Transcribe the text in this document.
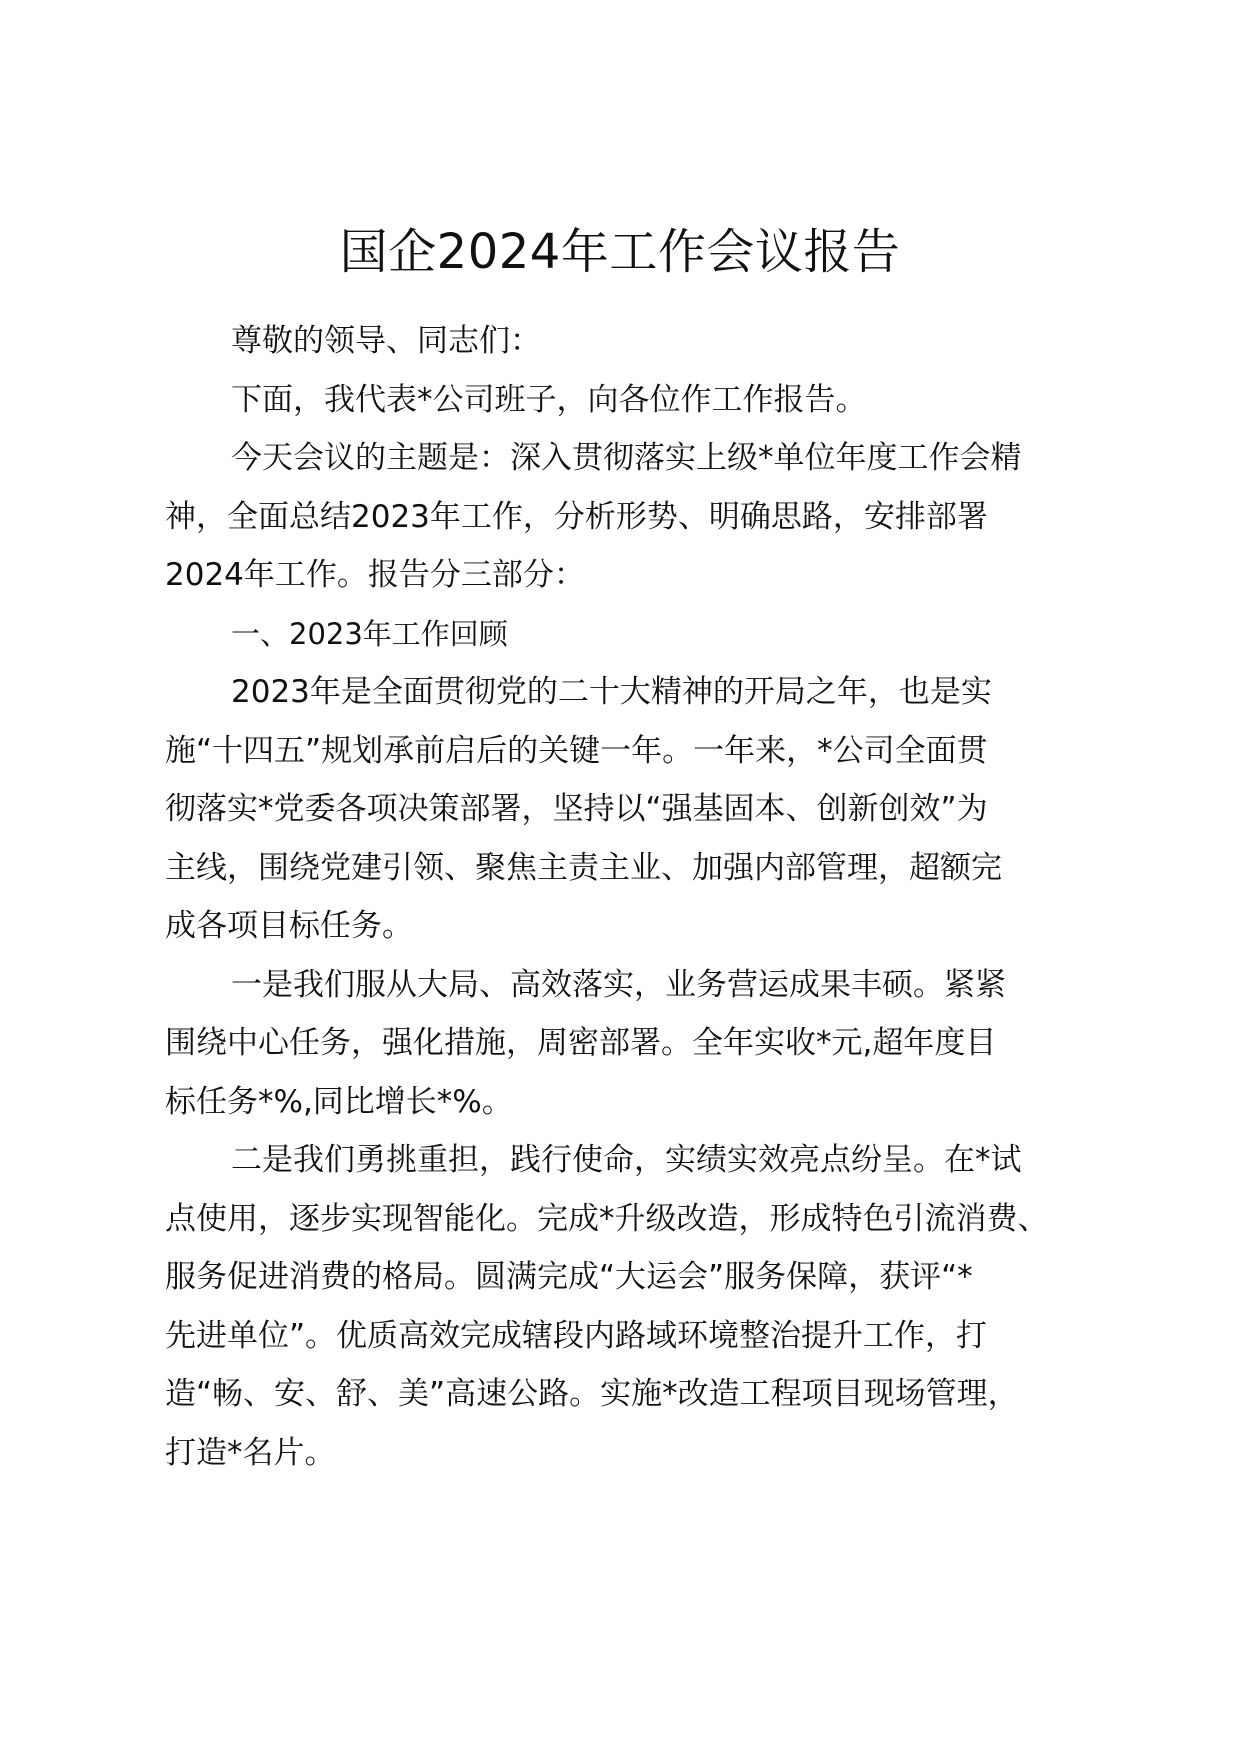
国企2024年工作会议报告

尊敬的领导、同志们：

下面，我代表*公司班子，向各位作工作报告。

今天会议的主题是：深入贯彻落实上级*单位年度工作会精
神，全面总结2023年工作，分析形势、明确思路，安排部署
2024年工作。报告分三部分：

一、2023年工作回顾

2023年是全面贯彻党的二十大精神的开局之年，也是实
施“十四五”规划承前启后的关键一年。一年来，*公司全面贯
彻落实*党委各项决策部署，坚持以“强基固本、创新创效”为
主线，围绕党建引领、聚焦主责主业、加强内部管理，超额完
成各项目标任务。

一是我们服从大局、高效落实，业务营运成果丰硕。紧紧
围绕中心任务，强化措施，周密部署。全年实收*元,超年度目
标任务*%,同比增长*%。

二是我们勇挑重担，践行使命，实绩实效亮点纷呈。在*试
点使用，逐步实现智能化。完成*升级改造，形成特色引流消费、
服务促进消费的格局。圆满完成“大运会”服务保障，获评“*
先进单位”。优质高效完成辖段内路域环境整治提升工作，打
造“畅、安、舒、美”高速公路。实施*改造工程项目现场管理，
打造*名片。
